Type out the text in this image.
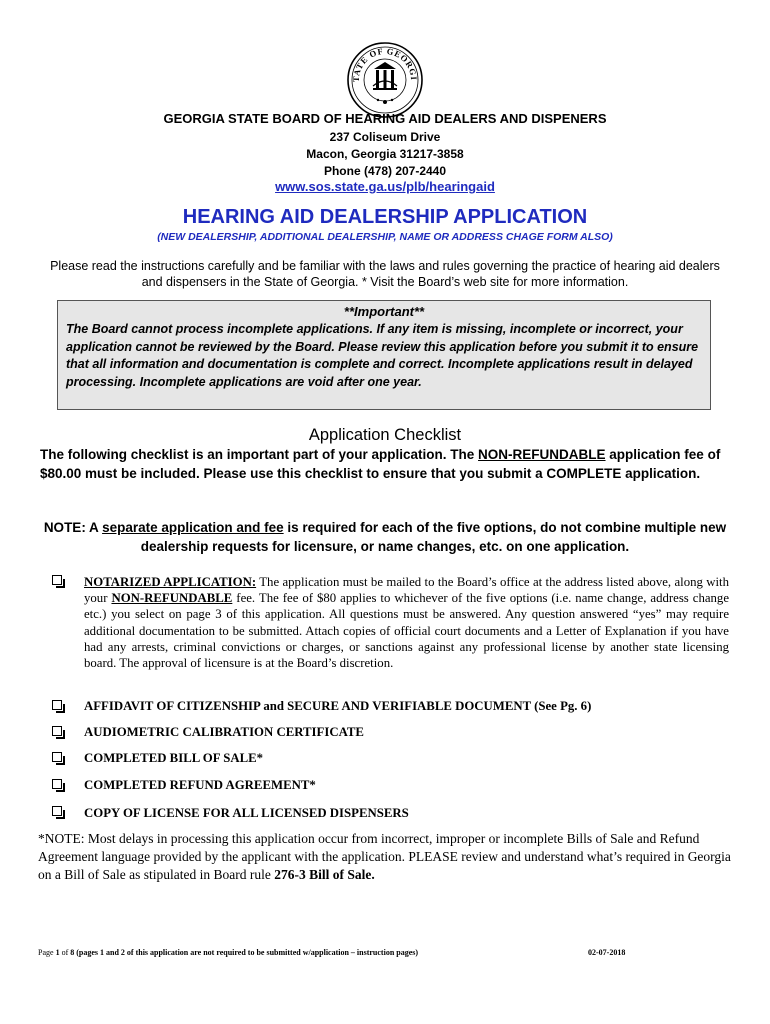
TATE OF GEORGI
GEORGIA STATE BOARD OF HEARING AID DEALERS AND DISPENERS
237 Coliseum Drive
Macon, Georgia 31217-3858
Phone (478) 207-2440
www.sos.state.ga.us/plb/hearingaid
HEARING AID DEALERSHIP APPLICATION
(NEW DEALERSHIP, ADDITIONAL DEALERSHIP, NAME OR ADDRESS CHAGE FORM ALSO)
Please read the instructions carefully and be familiar with the laws and rules governing the practice of hearing aid dealers and dispensers in the State of Georgia. * Visit the Board’s web site for more information.
**Important**
The Board cannot process incomplete applications. If any item is missing, incomplete or incorrect, your application cannot be reviewed by the Board. Please review this application before you submit it to ensure that all information and documentation is complete and correct. Incomplete applications result in delayed processing. Incomplete applications are void after one year.
Application Checklist
The following checklist is an important part of your application. The NON-REFUNDABLE application fee of $80.00 must be included. Please use this checklist to ensure that you submit a COMPLETE application.
NOTE: A separate application and fee is required for each of the five options, do not combine multiple new dealership requests for licensure, or name changes, etc. on one application.
NOTARIZED APPLICATION: The application must be mailed to the Board’s office at the address listed above, along with your NON-REFUNDABLE fee. The fee of $80 applies to whichever of the five options (i.e. name change, address change etc.) you select on page 3 of this application. All questions must be answered. Any question answered “yes” may require additional documentation to be submitted. Attach copies of official court documents and a Letter of Explanation if you have had any arrests, criminal convictions or charges, or sanctions against any professional license by another state licensing board. The approval of licensure is at the Board’s discretion.
AFFIDAVIT OF CITIZENSHIP and SECURE AND VERIFIABLE DOCUMENT (See Pg. 6)
AUDIOMETRIC CALIBRATION CERTIFICATE
COMPLETED BILL OF SALE*
COMPLETED REFUND AGREEMENT*
COPY OF LICENSE FOR ALL LICENSED DISPENSERS
*NOTE: Most delays in processing this application occur from incorrect, improper or incomplete Bills of Sale and Refund Agreement language provided by the applicant with the application. PLEASE review and understand what’s required in Georgia on a Bill of Sale as stipulated in Board rule 276-3 Bill of Sale.
Page 1 of 8 (pages 1 and 2 of this application are not required to be submitted w/application – instruction pages)	02-07-2018
